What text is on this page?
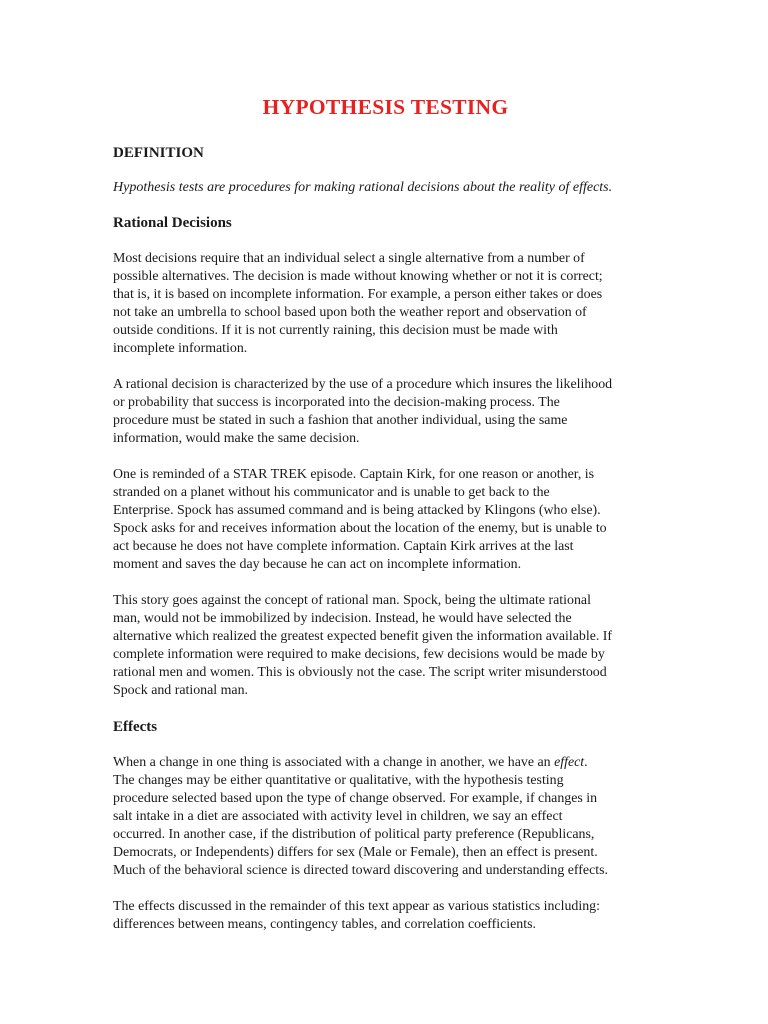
HYPOTHESIS TESTING
DEFINITION

Hypothesis tests are procedures for making rational decisions about the reality of effects.

Rational Decisions

Most decisions require that an individual select a single alternative from a number of
possible alternatives. The decision is made without knowing whether or not it is correct;
that is, it is based on incomplete information. For example, a person either takes or does
not take an umbrella to school based upon both the weather report and observation of
outside conditions. If it is not currently raining, this decision must be made with
incomplete information.

A rational decision is characterized by the use of a procedure which insures the likelihood
or probability that success is incorporated into the decision-making process. The
procedure must be stated in such a fashion that another individual, using the same
information, would make the same decision.

One is reminded of a STAR TREK episode. Captain Kirk, for one reason or another, is
stranded on a planet without his communicator and is unable to get back to the
Enterprise. Spock has assumed command and is being attacked by Klingons (who else).
Spock asks for and receives information about the location of the enemy, but is unable to
act because he does not have complete information. Captain Kirk arrives at the last
moment and saves the day because he can act on incomplete information.

This story goes against the concept of rational man. Spock, being the ultimate rational
man, would not be immobilized by indecision. Instead, he would have selected the
alternative which realized the greatest expected benefit given the information available. If
complete information were required to make decisions, few decisions would be made by
rational men and women. This is obviously not the case. The script writer misunderstood
Spock and rational man.

Effects

When a change in one thing is associated with a change in another, we have an effect.
The changes may be either quantitative or qualitative, with the hypothesis testing
procedure selected based upon the type of change observed. For example, if changes in
salt intake in a diet are associated with activity level in children, we say an effect
occurred. In another case, if the distribution of political party preference (Republicans,
Democrats, or Independents) differs for sex (Male or Female), then an effect is present.
Much of the behavioral science is directed toward discovering and understanding effects.

The effects discussed in the remainder of this text appear as various statistics including:
differences between means, contingency tables, and correlation coefficients.
